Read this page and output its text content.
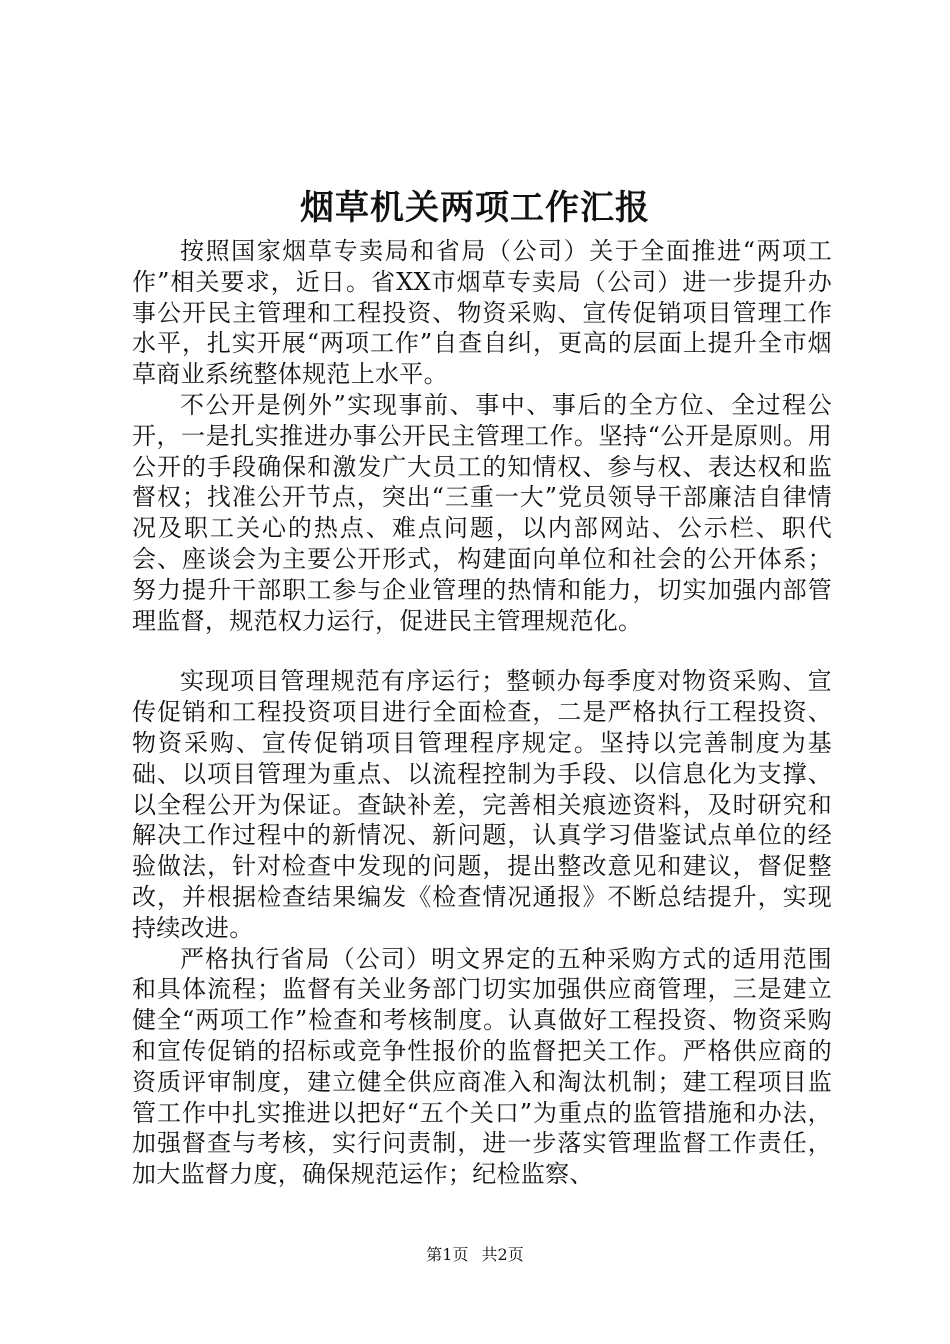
烟草机关两项工作汇报

按照国家烟草专卖局和省局（公司）关于全面推进“两项工作”相关要求，近日。省XX市烟草专卖局（公司）进一步提升办事公开民主管理和工程投资、物资采购、宣传促销项目管理工作水平，扎实开展“两项工作”自查自纠，更高的层面上提升全市烟草商业系统整体规范上水平。

不公开是例外”实现事前、事中、事后的全方位、全过程公开，一是扎实推进办事公开民主管理工作。坚持“公开是原则。用公开的手段确保和激发广大员工的知情权、参与权、表达权和监督权；找准公开节点，突出“三重一大”党员领导干部廉洁自律情况及职工关心的热点、难点问题，以内部网站、公示栏、职代会、座谈会为主要公开形式，构建面向单位和社会的公开体系；努力提升干部职工参与企业管理的热情和能力，切实加强内部管理监督，规范权力运行，促进民主管理规范化。

实现项目管理规范有序运行；整顿办每季度对物资采购、宣传促销和工程投资项目进行全面检查，二是严格执行工程投资、物资采购、宣传促销项目管理程序规定。坚持以完善制度为基础、以项目管理为重点、以流程控制为手段、以信息化为支撑、以全程公开为保证。查缺补差，完善相关痕迹资料，及时研究和解决工作过程中的新情况、新问题，认真学习借鉴试点单位的经验做法，针对检查中发现的问题，提出整改意见和建议，督促整改，并根据检查结果编发《检查情况通报》不断总结提升，实现持续改进。

严格执行省局（公司）明文界定的五种采购方式的适用范围和具体流程；监督有关业务部门切实加强供应商管理，三是建立健全“两项工作”检查和考核制度。认真做好工程投资、物资采购和宣传促销的招标或竞争性报价的监督把关工作。严格供应商的资质评审制度，建立健全供应商准入和淘汰机制；建工程项目监管工作中扎实推进以把好“五个关口”为重点的监管措施和办法，加强督查与考核，实行问责制，进一步落实管理监督工作责任，加大监督力度，确保规范运作；纪检监察、

第1页 共2页
